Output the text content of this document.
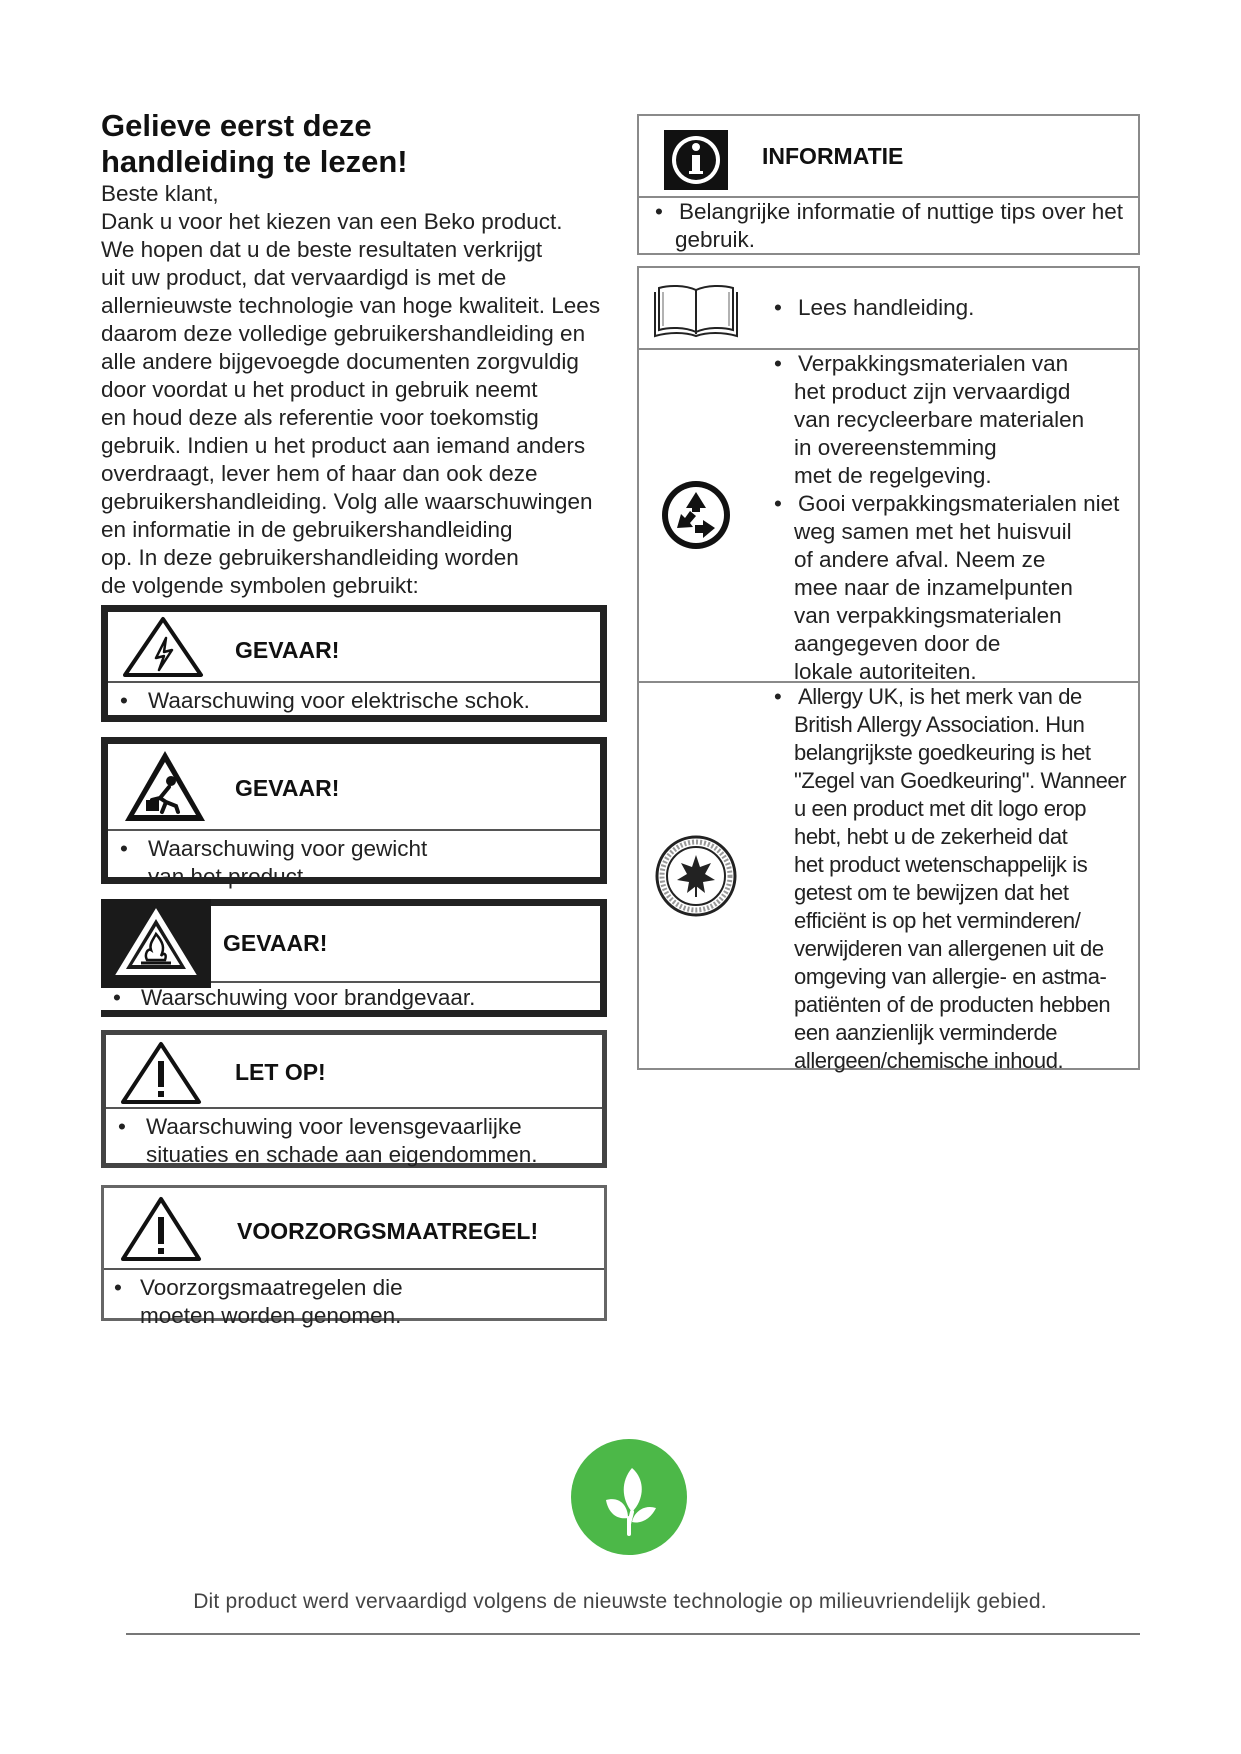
Gelieve eerst deze
handleiding te lezen!

Beste klant,

Dank u voor het kiezen van een Beko product.

We hopen dat u de beste resultaten verkrijgt

uit uw product, dat vervaardigd is met de

allernieuwste technologie van hoge kwaliteit. Lees

daarom deze volledige gebruikershandleiding en

alle andere bijgevoegde documenten zorgvuldig

door voordat u het product in gebruik neemt

en houd deze als referentie voor toekomstig

gebruik. Indien u het product aan iemand anders

overdraagt, lever hem of haar dan ook deze

gebruikershandleiding. Volg alle waarschuwingen

en informatie in de gebruikershandleiding

op. In deze gebruikershandleiding worden

de volgende symbolen gebruikt:

GEVAAR!
• Waarschuwing voor elektrische schok.
GEVAAR!
• Waarschuwing voor gewicht
van het product
GEVAAR!
• Waarschuwing voor brandgevaar.
LET OP!
• Waarschuwing voor levensgevaarlijke
situaties en schade aan eigendommen.
VOORZORGSMAATREGEL!
• Voorzorgsmaatregelen die
moeten worden genomen.
INFORMATIE
• Belangrijke informatie of nuttige tips over het
gebruik.
• Lees handleiding.
• Verpakkingsmaterialen van
het product zijn vervaardigd
van recycleerbare materialen
in overeenstemming
met de regelgeving.
• Gooi verpakkingsmaterialen niet
weg samen met het huisvuil
of andere afval. Neem ze
mee naar de inzamelpunten
van verpakkingsmaterialen
aangegeven door de
lokale autoriteiten.
• Allergy UK, is het merk van de
British Allergy Association. Hun
belangrijkste goedkeuring is het
"Zegel van Goedkeuring". Wanneer
u een product met dit logo erop
hebt, hebt u de zekerheid dat
het product wetenschappelijk is
getest om te bewijzen dat het
efficiënt is op het verminderen/
verwijderen van allergenen uit de
omgeving van allergie- en astma-
patiënten of de producten hebben
een aanzienlijk verminderde
allergeen/chemische inhoud.
Dit product werd vervaardigd volgens de nieuwste technologie op milieuvriendelijk gebied.
